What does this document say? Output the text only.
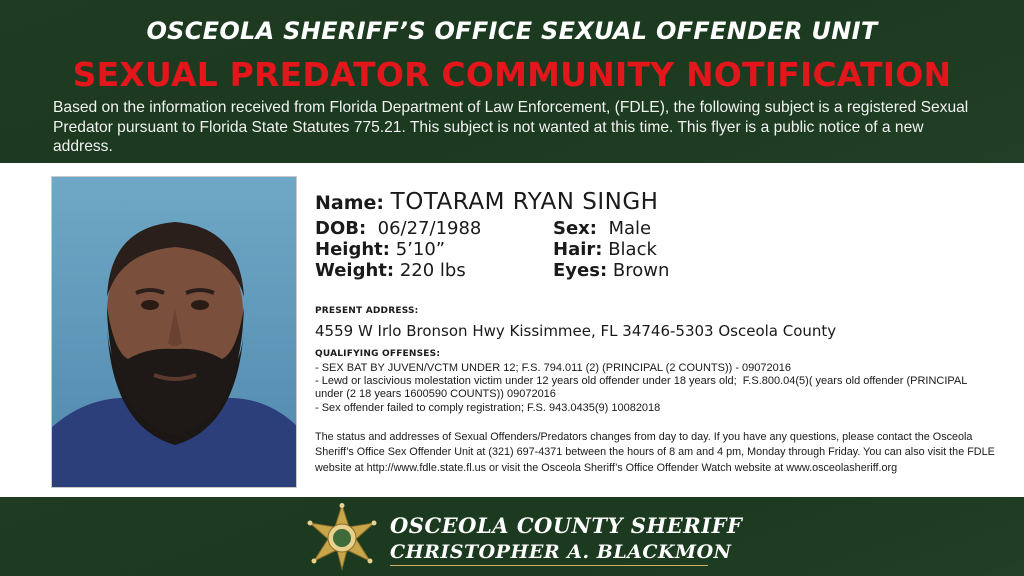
OSCEOLA SHERIFF’S OFFICE SEXUAL OFFENDER UNIT
SEXUAL PREDATOR COMMUNITY NOTIFICATION
Based on the information received from Florida Department of Law Enforcement, (FDLE), the following subject is a registered Sexual Predator pursuant to Florida State Statutes 775.21. This subject is not wanted at this time. This flyer is a public notice of a new address.
Name: TOTARAM RYAN SINGH
DOB: 06/27/1988
Height: 5’10”
Weight: 220 lbs
Sex: Male
Hair: Black
Eyes: Brown
PRESENT ADDRESS:
4559 W Irlo Bronson Hwy Kissimmee, FL 34746-5303 Osceola County
QUALIFYING OFFENSES:
- SEX BAT BY JUVEN/VCTM UNDER 12; F.S. 794.011 (2) (PRINCIPAL (2 COUNTS)) - 09072016
- Lewd or lascivious molestation victim under 12 years old offender under 18 years old;  F.S.800.04(5)( years old offender (PRINCIPAL under (2 18 years 1600590 COUNTS)) 09072016
- Sex offender failed to comply registration; F.S. 943.0435(9) 10082018
The status and addresses of Sexual Offenders/Predators changes from day to day. If you have any questions, please contact the Osceola Sheriff’s Office Sex Offender Unit at (321) 697-4371 between the hours of 8 am and 4 pm, Monday through Friday. You can also visit the FDLE website at http://www.fdle.state.fl.us or visit the Osceola Sheriff’s Office Offender Watch website at www.osceolasheriff.org
OSCEOLA COUNTY SHERIFF
CHRISTOPHER A. BLACKMON
